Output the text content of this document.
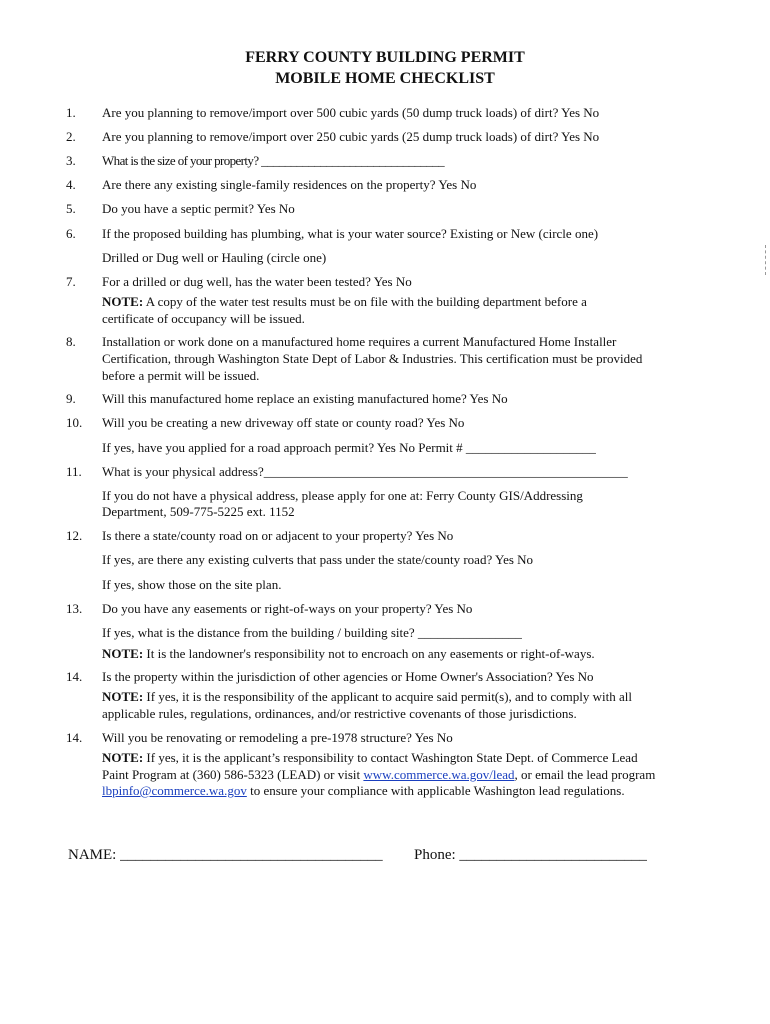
FERRY COUNTY BUILDING PERMIT
MOBILE HOME CHECKLIST
1. Are you planning to remove/import over 500 cubic yards (50 dump truck loads) of dirt? Yes No
2. Are you planning to remove/import over 250 cubic yards (25 dump truck loads) of dirt? Yes No
3. What is the size of your property? _______________________________
4. Are there any existing single-family residences on the property? Yes No
5. Do you have a septic permit? Yes No
6. If the proposed building has plumbing, what is your water source? Existing or New (circle one)
Drilled or Dug well or Hauling (circle one)
7. For a drilled or dug well, has the water been tested? Yes No
NOTE: A copy of the water test results must be on file with the building department before a
certificate of occupancy will be issued.
8. Installation or work done on a manufactured home requires a current Manufactured Home Installer
Certification, through Washington State Dept of Labor & Industries. This certification must be provided
before a permit will be issued.
9. Will this manufactured home replace an existing manufactured home? Yes No
10. Will you be creating a new driveway off state or county road? Yes No
If yes, have you applied for a road approach permit? Yes No Permit # ____________________
11. What is your physical address?________________________________________________________
If you do not have a physical address, please apply for one at: Ferry County GIS/Addressing
Department, 509-775-5225 ext. 1152
12. Is there a state/county road on or adjacent to your property? Yes No
If yes, are there any existing culverts that pass under the state/county road? Yes No
If yes, show those on the site plan.
13. Do you have any easements or right-of-ways on your property? Yes No
If yes, what is the distance from the building / building site? ________________
NOTE: It is the landowner's responsibility not to encroach on any easements or right-of-ways.
14. Is the property within the jurisdiction of other agencies or Home Owner's Association? Yes No
NOTE: If yes, it is the responsibility of the applicant to acquire said permit(s), and to comply with all
applicable rules, regulations, ordinances, and/or restrictive covenants of those jurisdictions.
14. Will you be renovating or remodeling a pre-1978 structure? Yes No
NOTE: If yes, it is the applicant’s responsibility to contact Washington State Dept. of Commerce Lead
Paint Program at (360) 586-5323 (LEAD) or visit www.commerce.wa.gov/lead, or email the lead program
lbpinfo@commerce.wa.gov to ensure your compliance with applicable Washington lead regulations.
NAME: ___________________________________ Phone: _________________________
